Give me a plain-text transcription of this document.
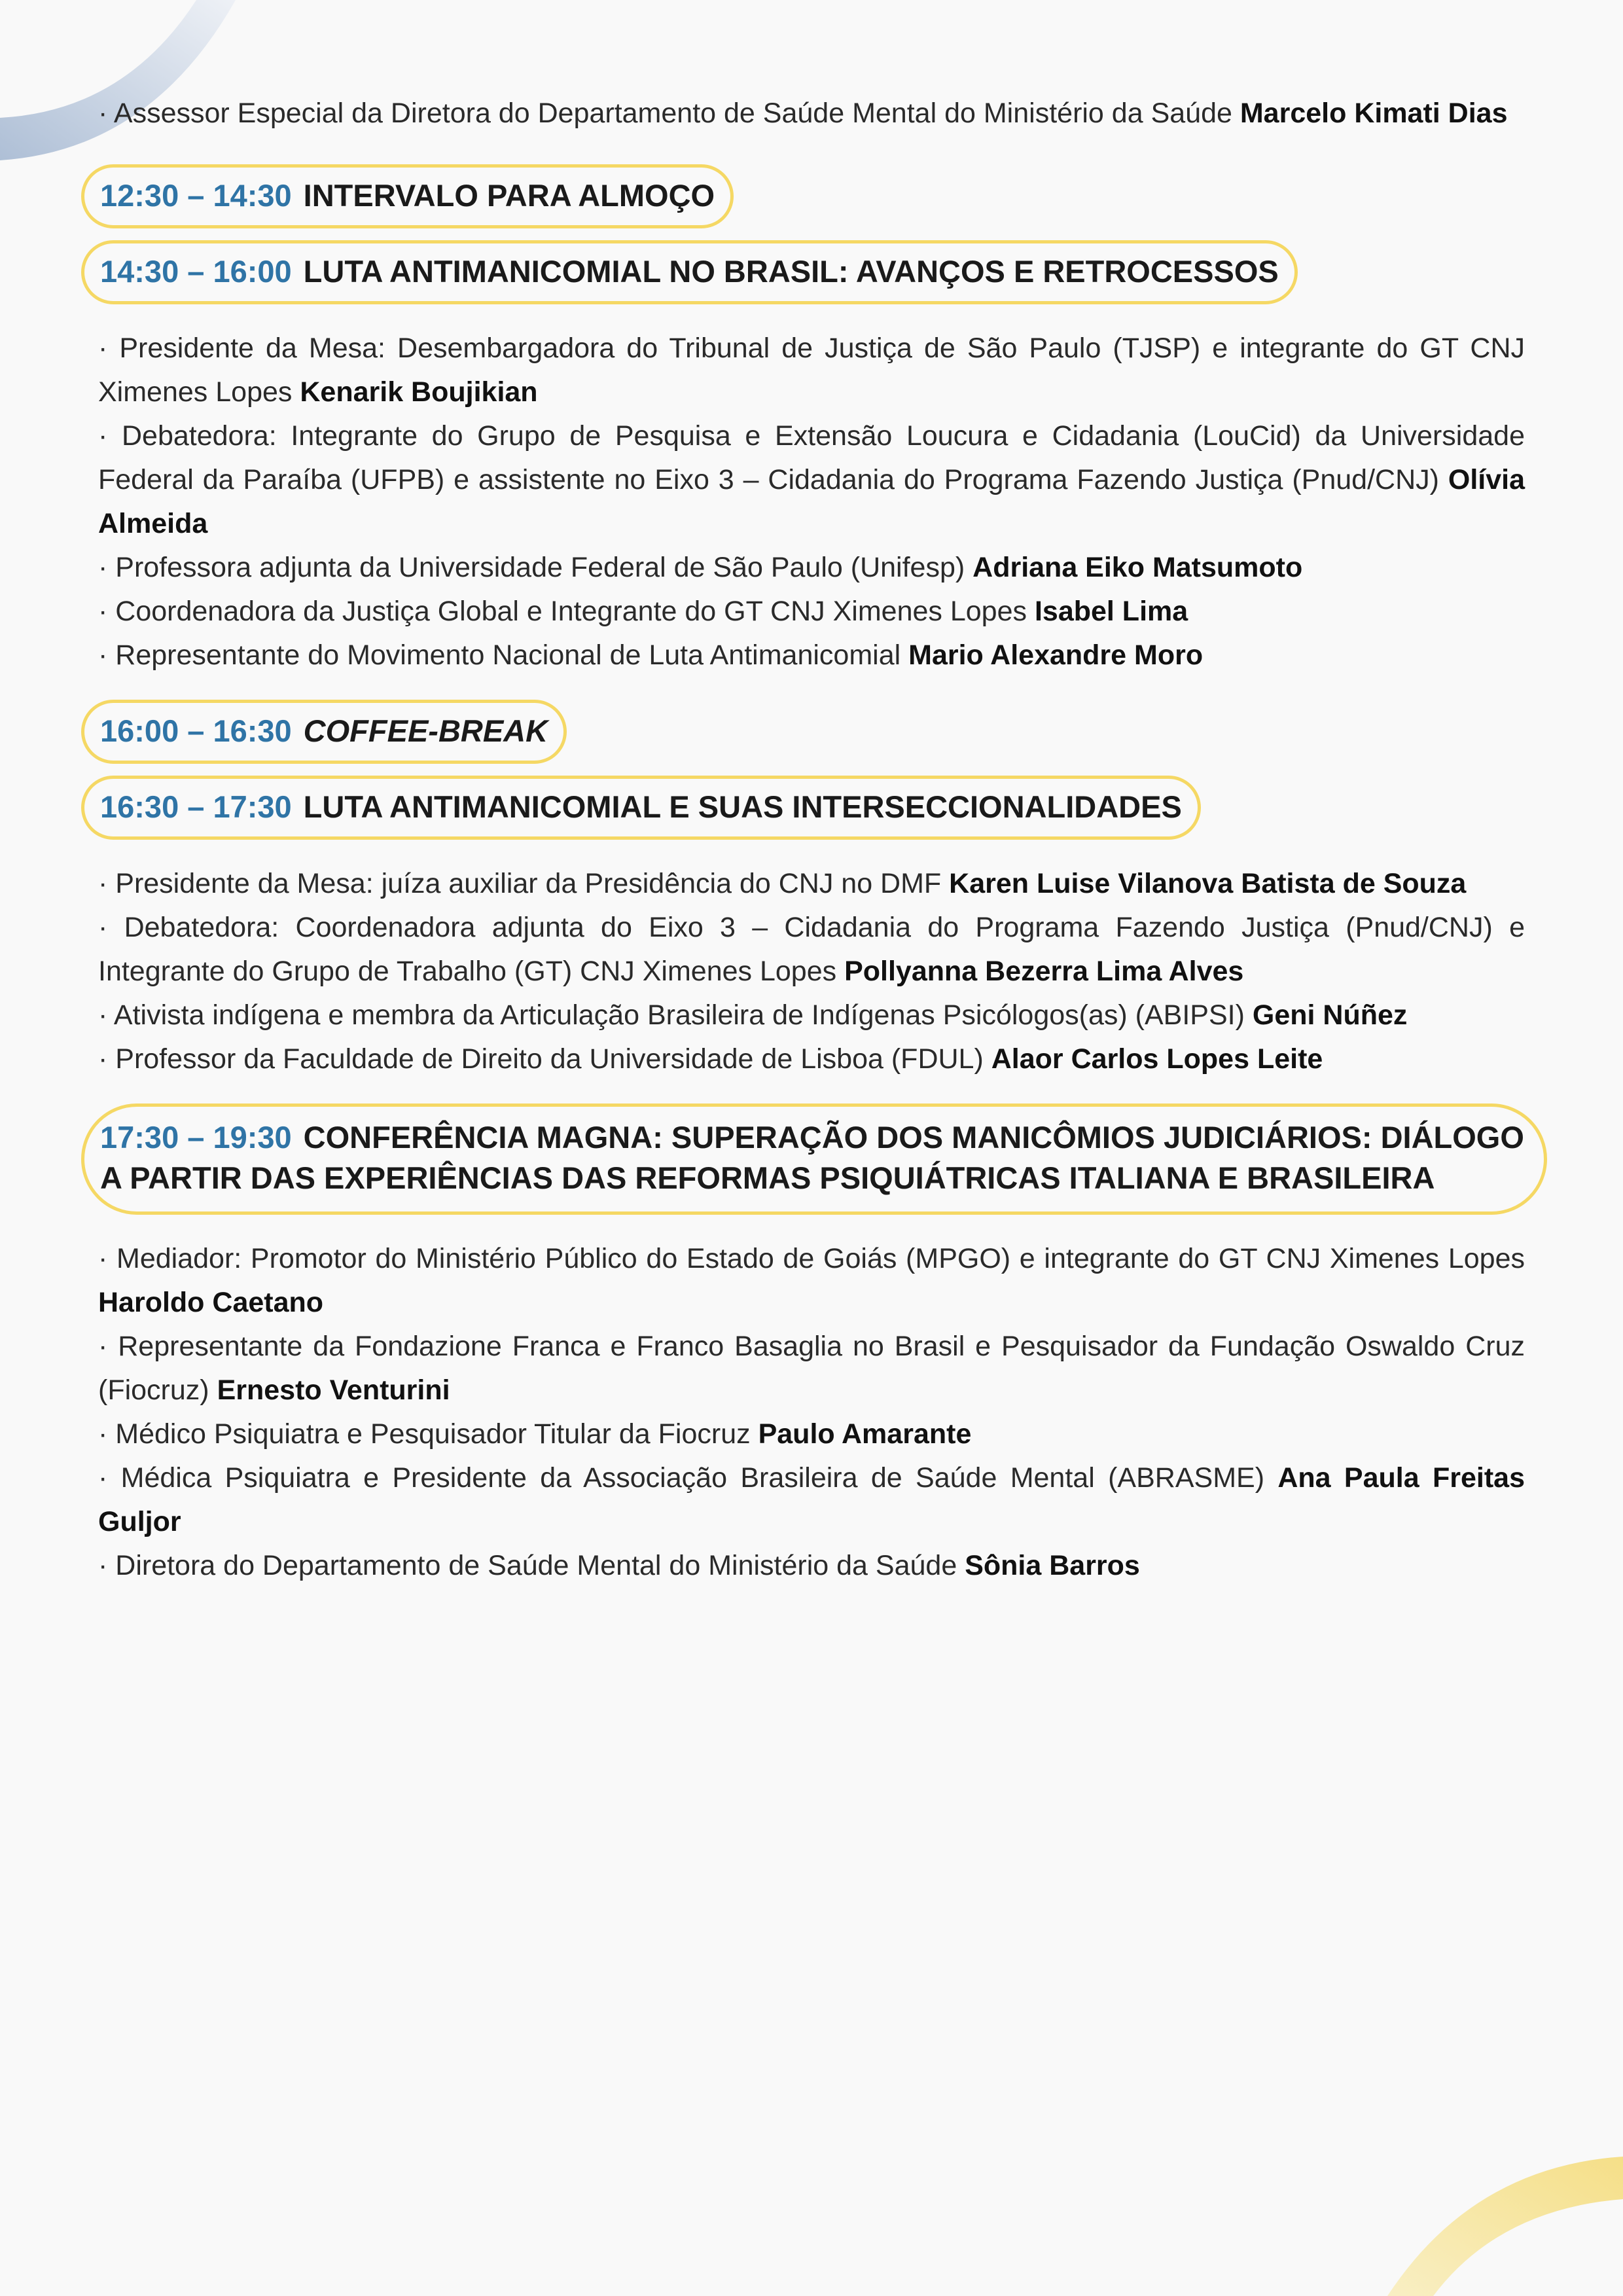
· Assessor Especial da Diretora do Departamento de Saúde Mental do Ministério da Saúde Marcelo Kimati Dias

12:30 – 14:30 INTERVALO PARA ALMOÇO
14:30 – 16:00 LUTA ANTIMANICOMIAL NO BRASIL: AVANÇOS E RETROCESSOS

· Presidente da Mesa: Desembargadora do Tribunal de Justiça de São Paulo (TJSP) e integrante do GT CNJ Ximenes Lopes Kenarik Boujikian

· Debatedora: Integrante do Grupo de Pesquisa e Extensão Loucura e Cidadania (LouCid) da Universidade Federal da Paraíba (UFPB) e assistente no Eixo 3 – Cidadania do Programa Fazendo Justiça (Pnud/CNJ) Olívia Almeida

· Professora adjunta da Universidade Federal de São Paulo (Unifesp) Adriana Eiko Matsumoto

· Coordenadora da Justiça Global e Integrante do GT CNJ Ximenes Lopes Isabel Lima

· Representante do Movimento Nacional de Luta Antimanicomial Mario Alexandre Moro

16:00 – 16:30 COFFEE-BREAK
16:30 – 17:30 LUTA ANTIMANICOMIAL E SUAS INTERSECCIONALIDADES

· Presidente da Mesa: juíza auxiliar da Presidência do CNJ no DMF Karen Luise Vilanova Batista de Souza

· Debatedora: Coordenadora adjunta do Eixo 3 – Cidadania do Programa Fazendo Justiça (Pnud/CNJ) e Integrante do Grupo de Trabalho (GT) CNJ Ximenes Lopes Pollyanna Bezerra Lima Alves

· Ativista indígena e membra da Articulação Brasileira de Indígenas Psicólogos(as) (ABIPSI) Geni Núñez

· Professor da Faculdade de Direito da Universidade de Lisboa (FDUL) Alaor Carlos Lopes Leite

17:30 – 19:30 CONFERÊNCIA MAGNA: SUPERAÇÃO DOS MANICÔMIOS JUDICIÁRIOS: DIÁLOGO A PARTIR DAS EXPERIÊNCIAS DAS REFORMAS PSIQUIÁTRICAS ITALIANA E BRASILEIRA

· Mediador: Promotor do Ministério Público do Estado de Goiás (MPGO) e integrante do GT CNJ Ximenes Lopes Haroldo Caetano

· Representante da Fondazione Franca e Franco Basaglia no Brasil e Pesquisador da Fundação Oswaldo Cruz (Fiocruz) Ernesto Venturini

· Médico Psiquiatra e Pesquisador Titular da Fiocruz Paulo Amarante

· Médica Psiquiatra e Presidente da Associação Brasileira de Saúde Mental (ABRASME) Ana Paula Freitas Guljor

· Diretora do Departamento de Saúde Mental do Ministério da Saúde Sônia Barros
